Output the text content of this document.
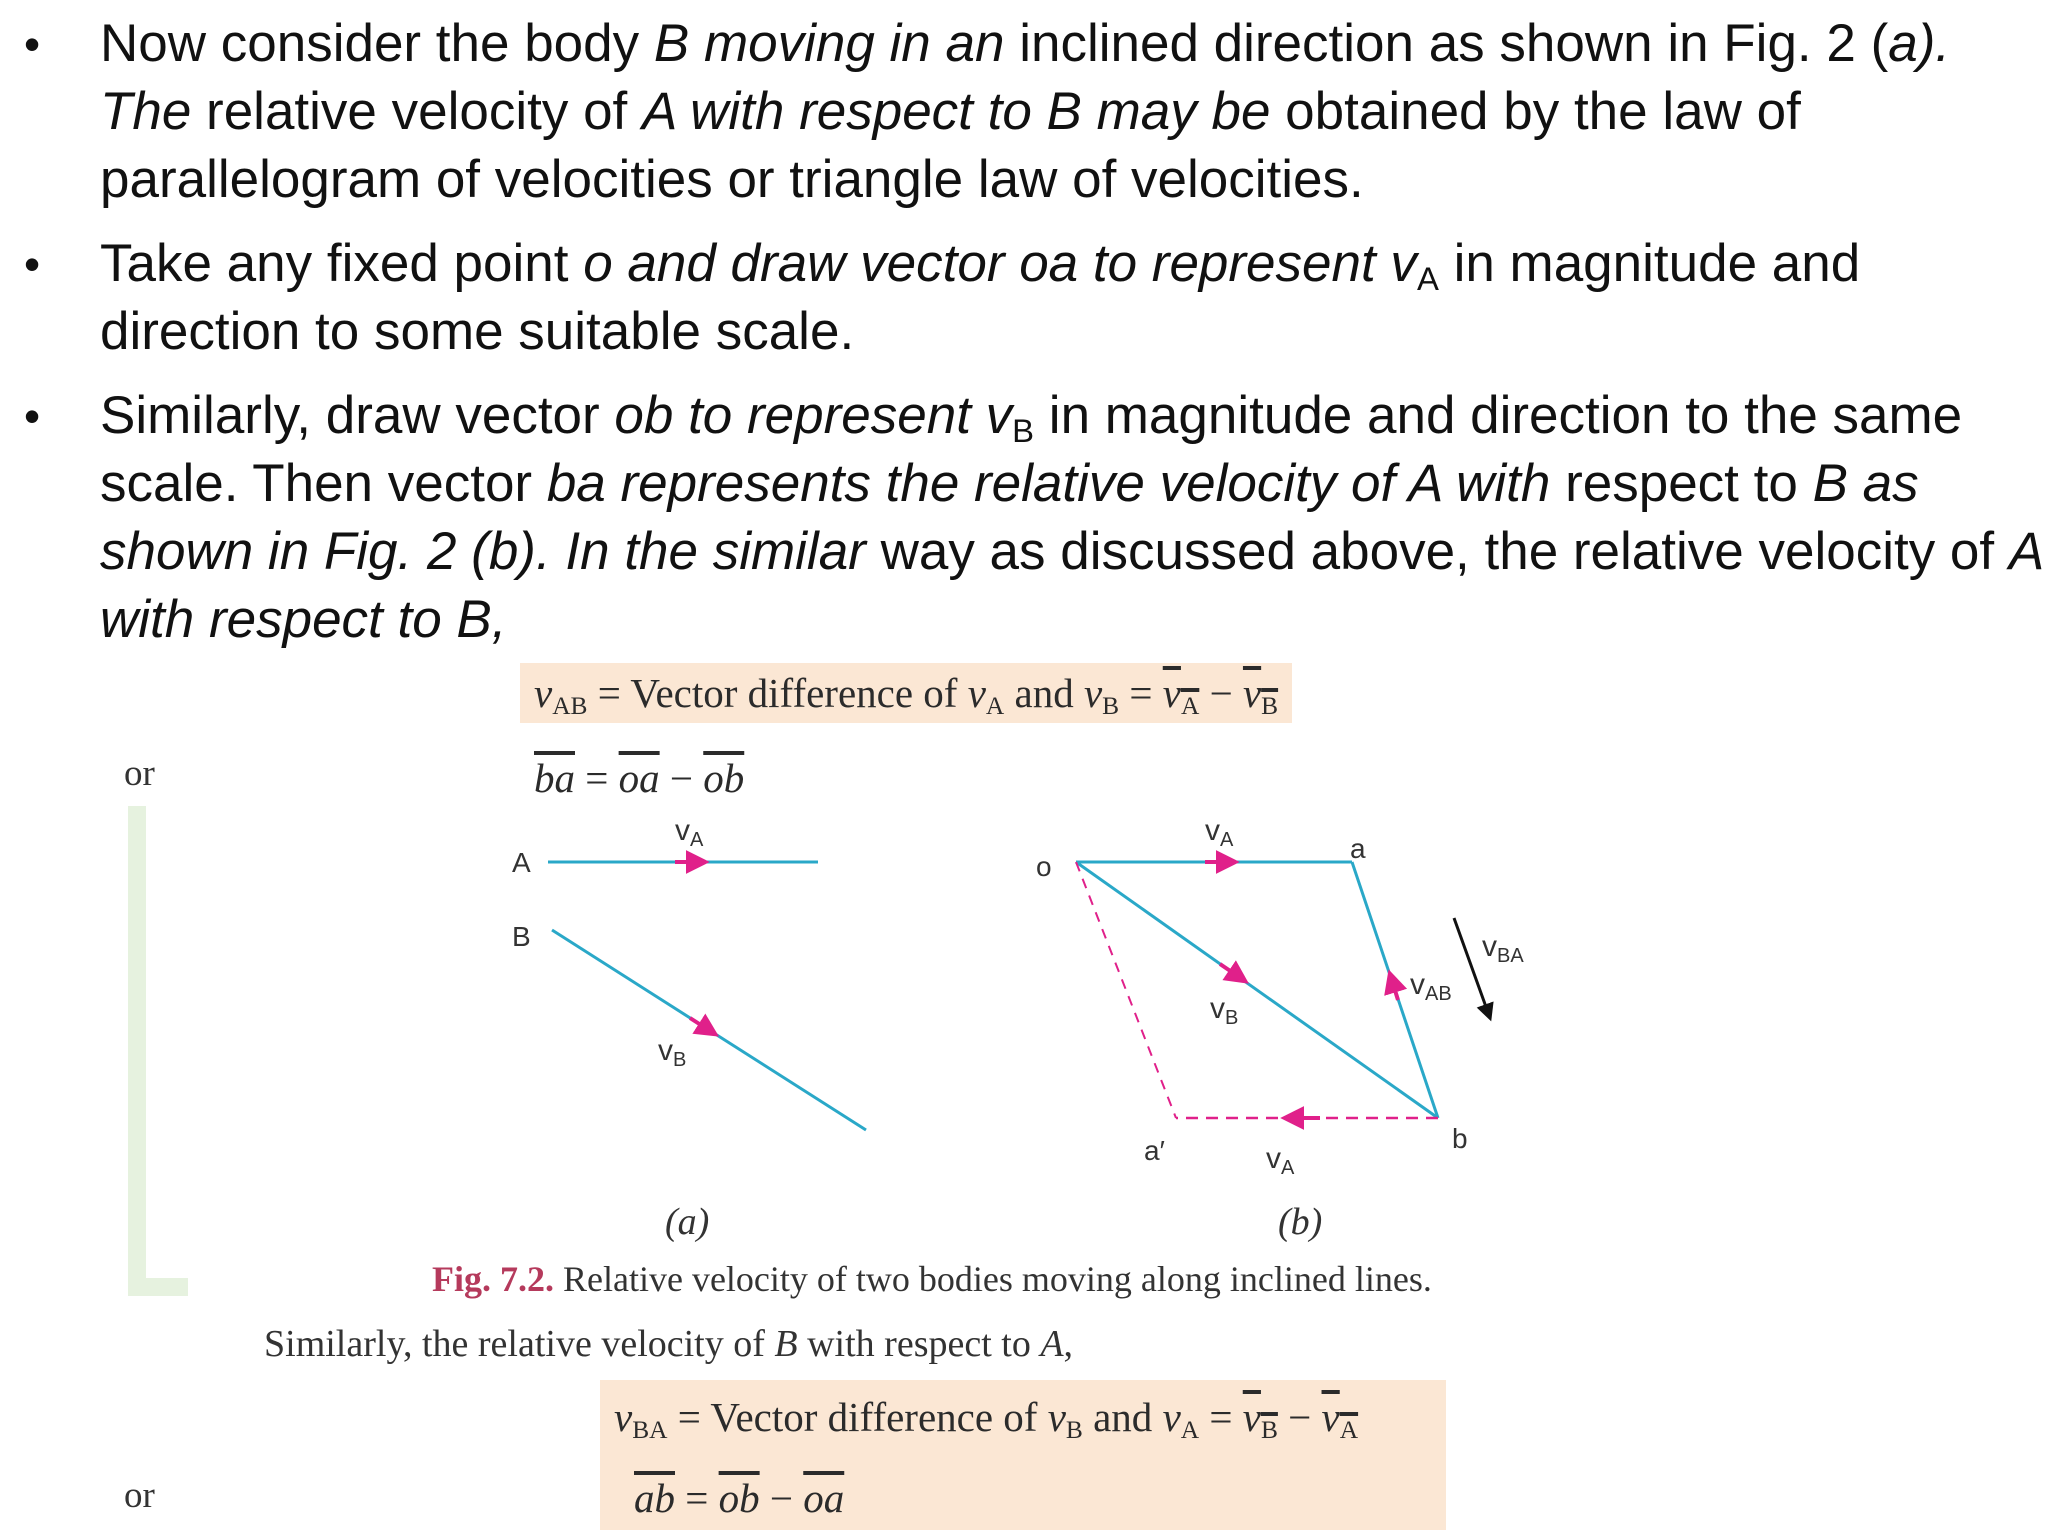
• Now consider the body B moving in an inclined direction as shown in Fig. 2 (a). The relative velocity of A with respect to B may be obtained by the law of parallelogram of velocities or triangle law of velocities.
• Take any fixed point o and draw vector oa to represent $v_A$ in magnitude and direction to some suitable scale.
• Similarly, draw vector ob to represent $v_B$ in magnitude and direction to the same scale. Then vector ba represents the relative velocity of A with respect to B as shown in Fig. 2 (b). In the similar way as discussed above, the relative velocity of A with respect to B,
$v_{AB}$ = Vector difference of $v_A$ and $v_B = v_A - v_B$
or	$\overline{ba} = \overline{oa} - \overline{ob}$
A
$v_A$
B
$v_B$
o
$v_A$	a
$v_B$
$v_{AB}$
$v_{BA}$
b
a′	$v_A$
(a)	(b)
Fig. 7.2. Relative velocity of two bodies moving along inclined lines.
Similarly, the relative velocity of B with respect to A,
$v_{BA}$ = Vector difference of $v_B$ and $v_A = v_B - v_A$
or	$\overline{ab} = \overline{ob} - \overline{oa}$
